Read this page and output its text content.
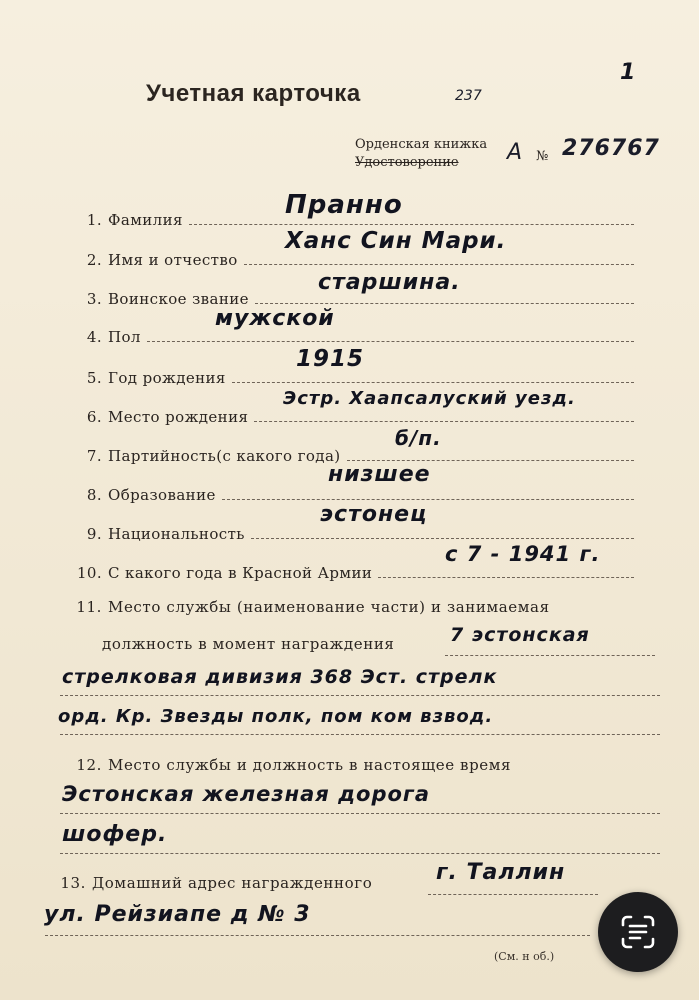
1
Учетная карточка	237
Орденская книжка
Удостоверение	А № 276767
1. Фамилия	Пранно
2. Имя и отчество
Ханс Син Мари.
3. Воинское звание
старшина.
4. Пол
мужской
5. Год рождения
1915
6. Место рождения
Эстр. Хаапсалуский уезд.
7. Партийность(с какого года)
б/п.
8. Образование
низшее
9. Национальность
эстонец
10. С какого года в Красной Армии
с 7 - 1941 г.
11. Место службы (наименование части) и занимаемая
должность в момент награждения	7 эстонская
стрелковая дивизия 368 Эст. стрелк
орд. Кр. Звезды полк, пом ком взвод.
12. Место службы и должность в настоящее время
Эстонская железная дорога
шофер.
13. Домашний адрес награжденного	г. Таллин
ул. Рейзиапе д № 3
(См. н об.)
